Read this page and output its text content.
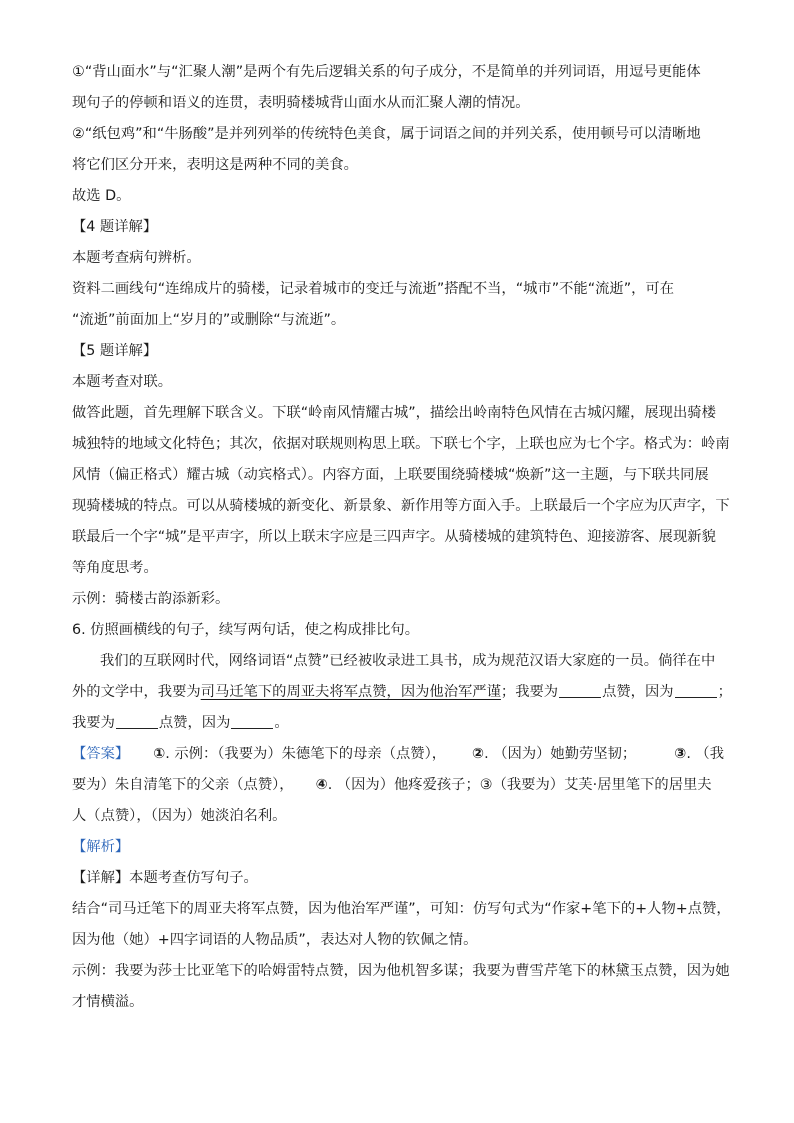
①“背山面水”与“汇聚人潮”是两个有先后逻辑关系的句子成分，不是简单的并列词语，用逗号更能体
现句子的停顿和语义的连贯，表明骑楼城背山面水从而汇聚人潮的情况。
②“纸包鸡”和“牛肠酸”是并列列举的传统特色美食，属于词语之间的并列关系，使用顿号可以清晰地
将它们区分开来，表明这是两种不同的美食。
故选 D。
【4 题详解】
本题考查病句辨析。
资料二画线句“连绵成片的骑楼，记录着城市的变迁与流逝”搭配不当，“城市”不能“流逝”，可在
“流逝”前面加上“岁月的”或删除“与流逝”。
【5 题详解】
本题考查对联。
做答此题，首先理解下联含义。下联“岭南风情耀古城”，描绘出岭南特色风情在古城闪耀，展现出骑楼
城独特的地域文化特色；其次，依据对联规则构思上联。下联七个字，上联也应为七个字。格式为：岭南
风情（偏正格式）耀古城（动宾格式）。内容方面，上联要围绕骑楼城“焕新”这一主题，与下联共同展
现骑楼城的特点。可以从骑楼城的新变化、新景象、新作用等方面入手。上联最后一个字应为仄声字，下
联最后一个字“城”是平声字，所以上联末字应是三四声字。从骑楼城的建筑特色、迎接游客、展现新貌
等角度思考。
示例：骑楼古韵添新彩。
6. 仿照画横线的句子，续写两句话，使之构成排比句。
我们的互联网时代，网络词语“点赞”已经被收录进工具书，成为规范汉语大家庭的一员。倘徉在中
外的文学中，我要为司马迁笔下的周亚夫将军点赞，因为他治军严谨；我要为	点赞，因为	；
我要为	点赞，因为	。
【答案】 ①. 示例：（我要为）朱德笔下的母亲（点赞）， ②. （因为）她勤劳坚韧；	③. （我
要为）朱自清笔下的父亲（点赞）， ④. （因为）他疼爱孩子；③（我要为）艾芙·居里笔下的居里夫
人（点赞），（因为）她淡泊名利。
【解析】
【详解】本题考查仿写句子。
结合“司马迁笔下的周亚夫将军点赞，因为他治军严谨”，可知：仿写句式为“作家+笔下的+人物+点赞，
因为他（她）+四字词语的人物品质”，表达对人物的钦佩之情。
示例：我要为莎士比亚笔下的哈姆雷特点赞，因为他机智多谋；我要为曹雪芹笔下的林黛玉点赞，因为她
才情横溢。
